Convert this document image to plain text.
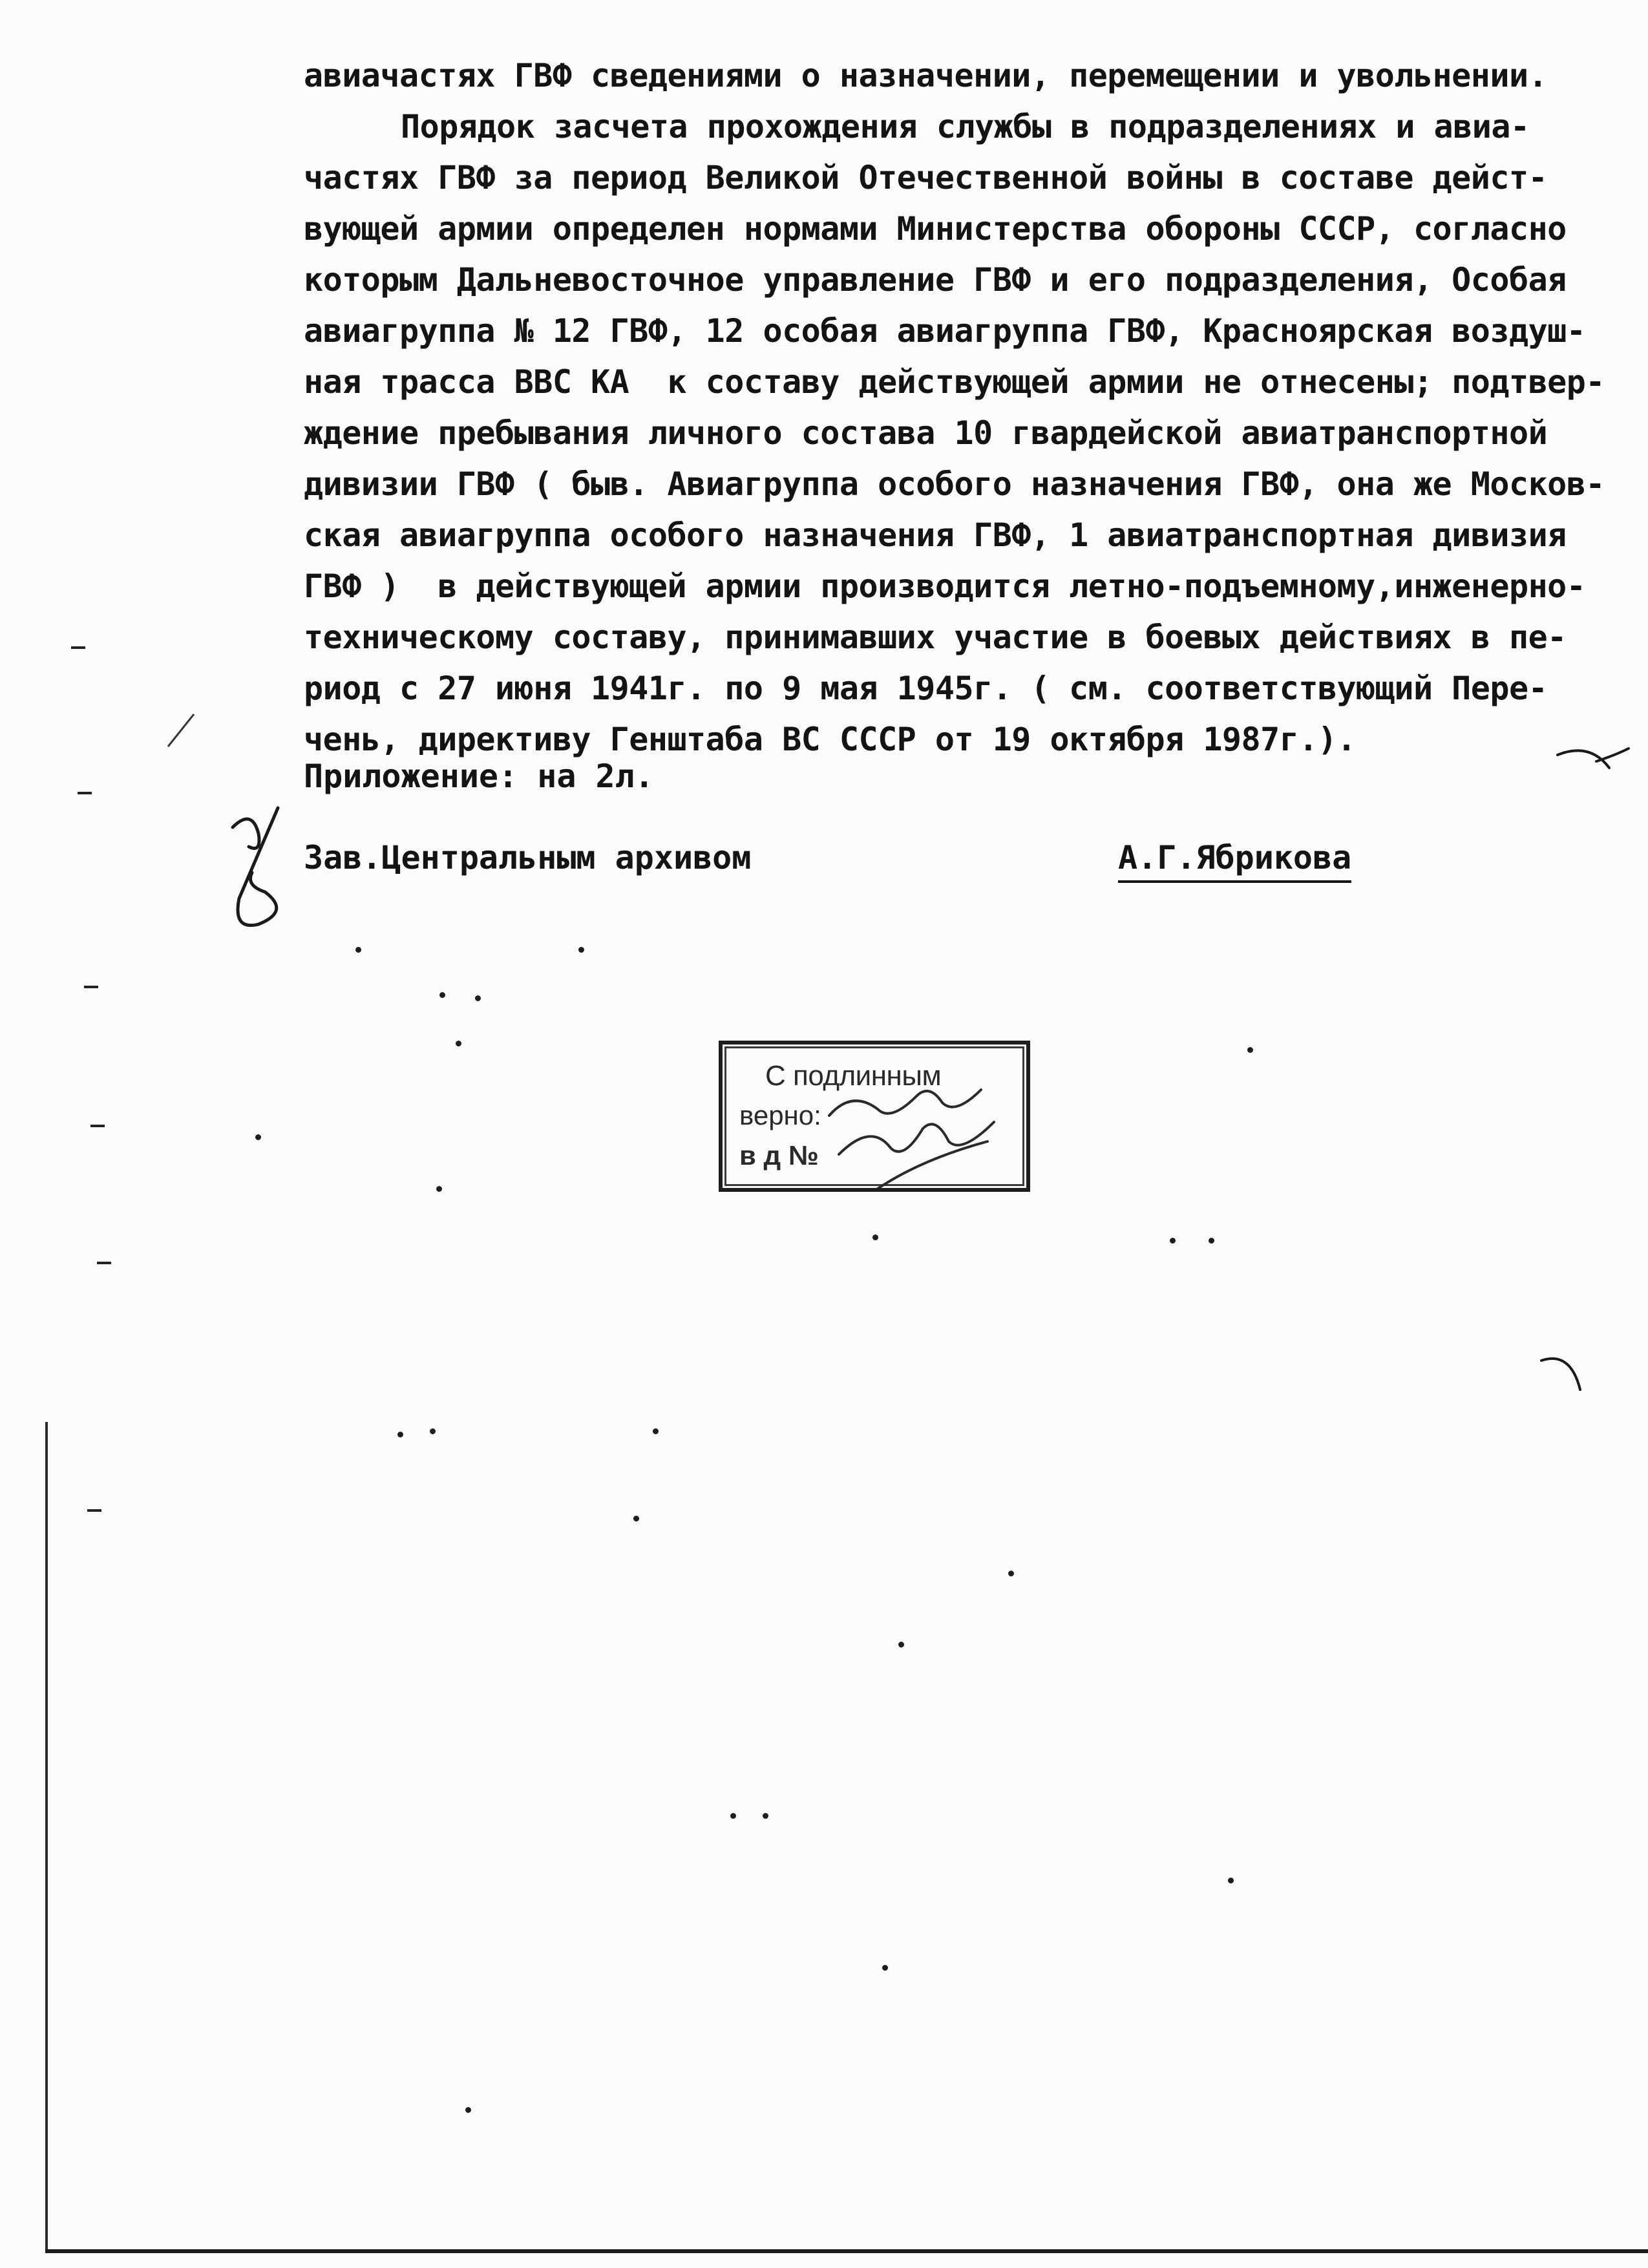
авиачастях ГВФ сведениями о назначении, перемещении и увольнении.
Порядок засчета прохождения службы в подразделениях и авиа-
частях ГВФ за период Великой Отечественной войны в составе дейст-
вующей армии определен нормами Министерства обороны СССР, согласно
которым Дальневосточное управление ГВФ и его подразделения, Особая
авиагруппа № 12 ГВФ, 12 особая авиагруппа ГВФ, Красноярская воздуш-
ная трасса ВВС КА  к составу действующей армии не отнесены; подтвер-
ждение пребывания личного состава 10 гвардейской авиатранспортной
дивизии ГВФ ( быв. Авиагруппа особого назначения ГВФ, она же Москов-
ская авиагруппа особого назначения ГВФ, 1 авиатранспортная дивизия
ГВФ )  в действующей армии производится летно-подъемному,инженерно-
техническому составу, принимавших участие в боевых действиях в пе-
риод с 27 июня 1941г. по 9 мая 1945г. ( см. соответствующий Пере-
чень, директиву Генштаба ВС СССР от 19 октября 1987г.).
Приложение: на 2л.
Зав.Центральным архивом	А.Г.Ябрикова
С подлинным
верно:
в д №
